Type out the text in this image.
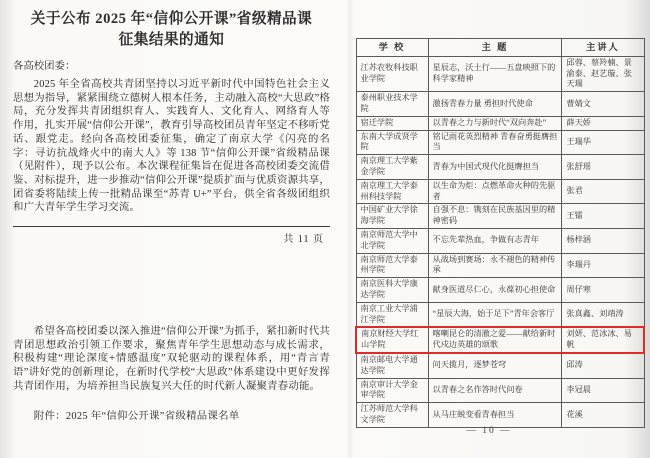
关于公布 2025 年“信仰公开课”省级精品课
征集结果的通知
各高校团委：
2025 年全省高校共青团坚持以习近平新时代中国特色社会主义思想为指导，紧紧围绕立德树人根本任务，主动融入高校“大思政”格局，充分发挥共青团组织育人、实践育人、文化育人、网络育人等作用，扎实开展“信仰公开课”，教育引导高校团员青年坚定不移听党话、跟党走。经向各高校团委征集，确定了南京大学《闪亮的名字：寻访抗战烽火中的南大人》等 138 节“信仰公开课”省级精品课（见附件），现予以公布。本次课程征集旨在促进各高校团委交流借鉴、对标提升，进一步推动“信仰公开课”提质扩面与优质资源共享，团省委将陆续上传一批精品课至“苏青 U+”平台，供全省各级团组织和广大青年学生学习交流。
共 11 页
希望各高校团委以深入推进“信仰公开课”为抓手，紧扣新时代共青团思想政治引领工作要求，聚焦青年学生思想动态与成长需求，积极构建“理论深度+情感温度”双轮驱动的课程体系，用“青言青语”讲好党的创新理论，在新时代学校“大思政”体系建设中更好发挥共青团作用，为培养担当民族复兴大任的时代新人凝聚青春动能。
附件：2025 年“信仰公开课”省级精品课名单
学 校	主 题	主讲人
江苏农牧科技职业学院	星辰志，沃土行——五盘映照下的科学家精神	邱蓉、蔡羚楠、景渝泰、赵艺璇、张天瑞
泰州职业技术学院	激扬青春力量 勇担时代使命	曹婧文
宿迁学院	以青春之力与新时代“双向奔赴”	薛天娇
东南大学成贤学院	铭记雨花英烈精神 青春奋勇挺膺担当	王瑞华
南京理工大学紫金学院	青春为中国式现代化挺膺担当	张舒瑶
南京理工大学泰州科技学院	以生命为炬：点燃革命火种的先驱者	张君
中国矿业大学徐海学院	自强不息：镌刻在民族基因里的精神密码	王镭
南京师范大学中北学院	不忘先辈热血，争做有志青年	杨梓涵
南京师范大学泰州学院	从战场到赛场：永不褪色的精神传承	李瑞丹
南京医科大学康达学院	献身医道尽仁心，永葆初心担使命	周仔寒
南京工业大学浦江学院	“星辰大海，始于足下”青年会客厅	张真鑫、刘靖涛
南京财经大学红山学院	喀喇昆仑的清澈之爱——献给新时代戍边英雄的颂歌	刘妍、范冰冰、易帆
南京邮电大学通达学院	问天揽月，逐梦苍穹	邱涛
南京审计大学金审学院	以青春之名作答时代问卷	李冠晨
江苏师范大学科文学院	从马庄蜕变看青春担当	花溪
— 10 —
